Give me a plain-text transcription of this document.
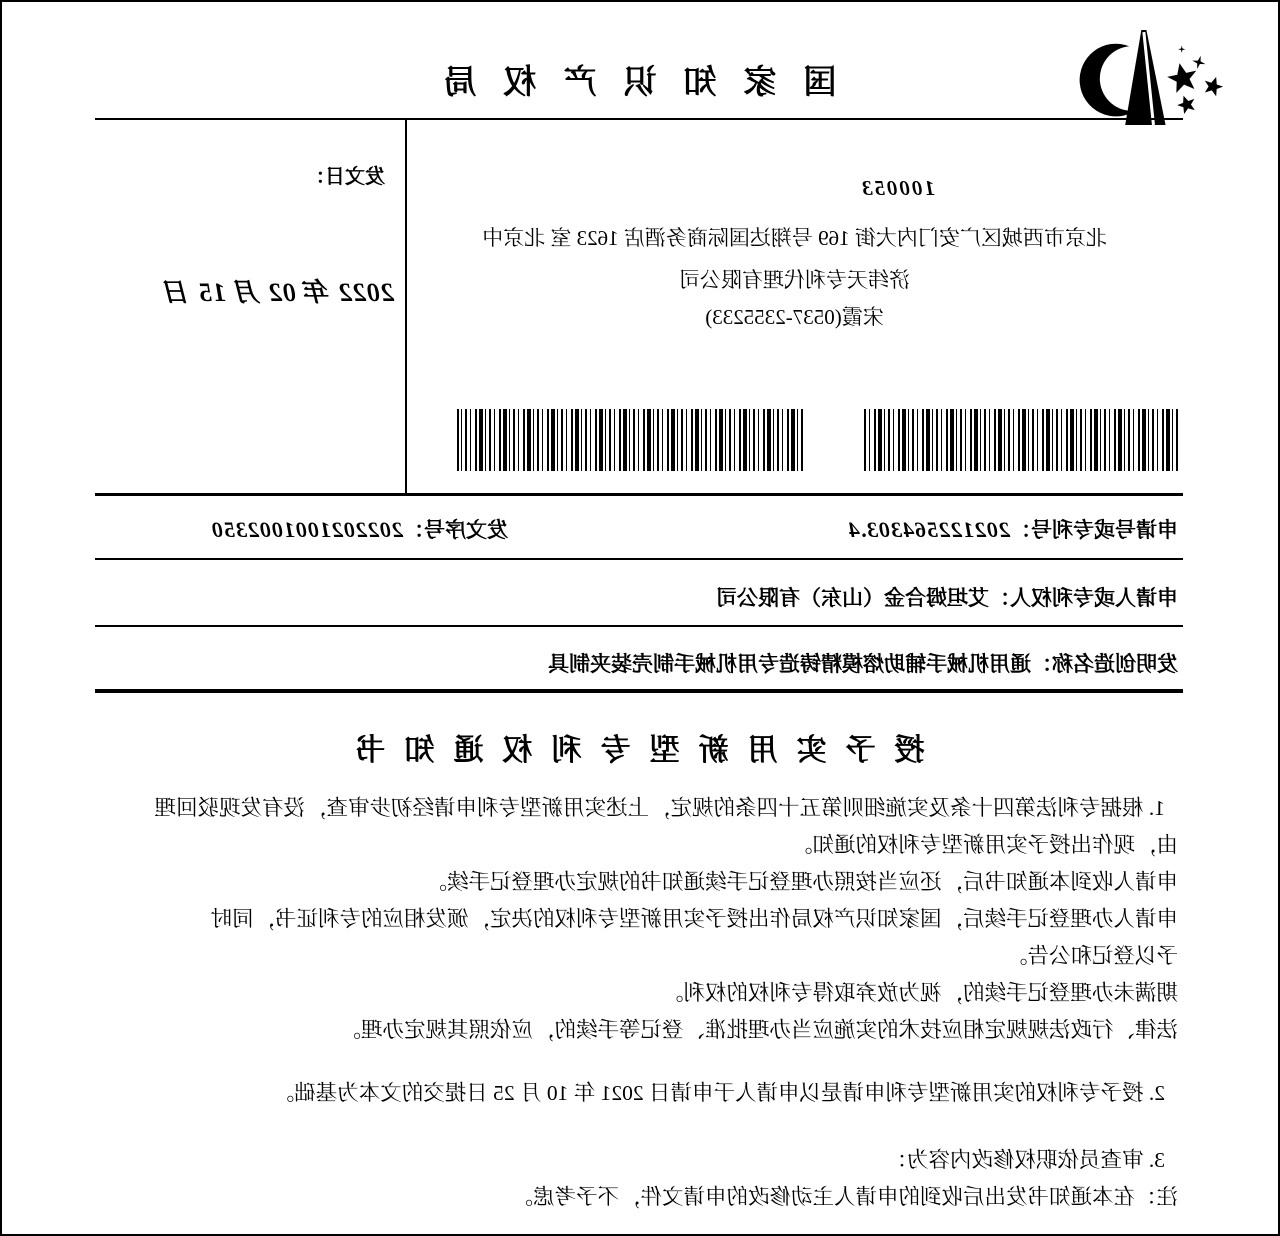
国家知识产权局
发文日：
2022 年 02 月 15 日
100053
北京市西城区广安门内大街 169 号翔达国际商务酒店 1623 室 北京中
济纬天专利代理有限公司
宋霞(0537-2355233)
申请号或专利号：202122564303.4
发文序号：2022021001002350
申请人或专利权人：艾坦姆合金（山东）有限公司
发明创造名称：通用机械手辅助熔模精铸造专用机械手制壳装夹制具
授予实用新型专利权通知书
1. 根据专利法第四十条及实施细则第五十四条的规定，上述实用新型专利申请经初步审查，没有发现驳回理
由，现作出授予实用新型专利权的通知。
申请人收到本通知书后，还应当按照办理登记手续通知书的规定办理登记手续。
申请人办理登记手续后，国家知识产权局作出授予实用新型专利权的决定，颁发相应的专利证书，同时
予以登记和公告。
期满未办理登记手续的，视为放弃取得专利权的权利。
法律、行政法规规定相应技术的实施应当办理批准、登记等手续的，应依照其规定办理。
2. 授予专利权的实用新型专利申请是以申请人于申请日 2021 年 10 月 25 日提交的文本为基础。
3. 审查员依职权修改内容为：
注：在本通知书发出后收到的申请人主动修改的申请文件，不予考虑。
